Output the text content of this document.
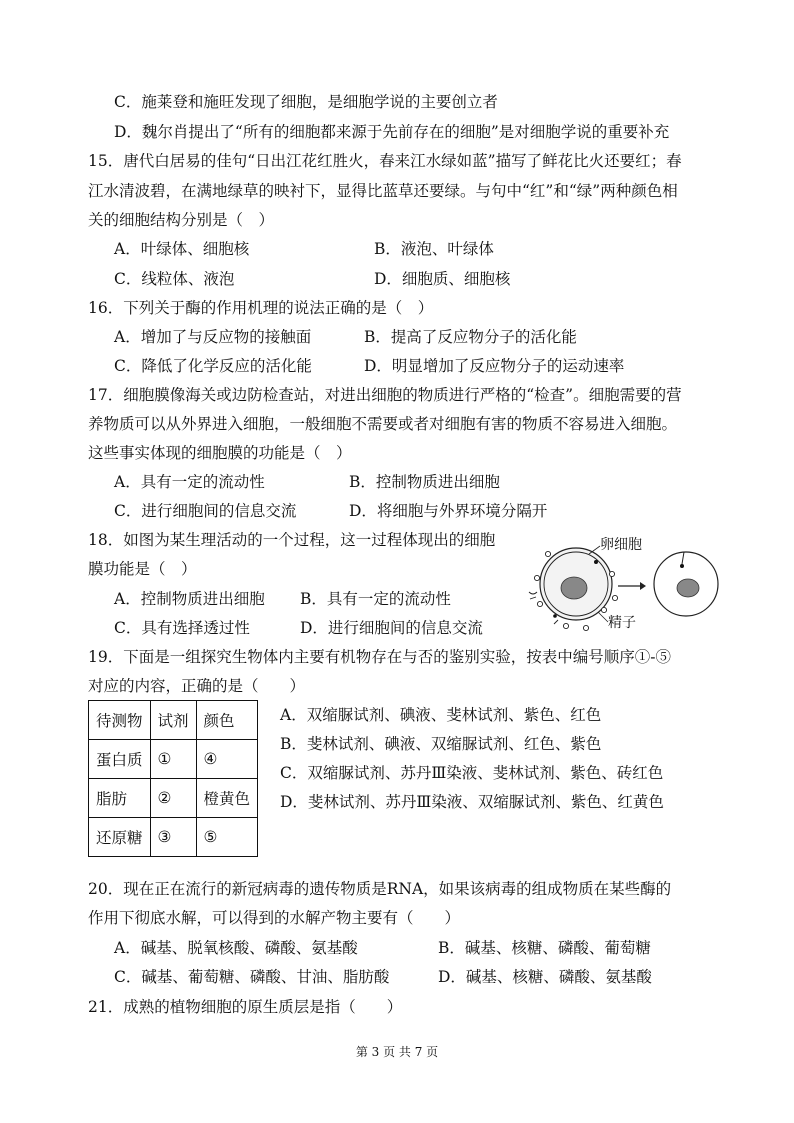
C．施莱登和施旺发现了细胞，是细胞学说的主要创立者
D．魏尔肖提出了“所有的细胞都来源于先前存在的细胞”是对细胞学说的重要补充
15．唐代白居易的佳句“日出江花红胜火，春来江水绿如蓝”描写了鲜花比火还要红；春
江水清波碧，在满地绿草的映衬下，显得比蓝草还要绿。与句中“红”和“绿”两种颜色相
关的细胞结构分别是（　）
A．叶绿体、细胞核	B．液泡、叶绿体
C．线粒体、液泡	D．细胞质、细胞核
16．下列关于酶的作用机理的说法正确的是（　）
A．增加了与反应物的接触面	B．提高了反应物分子的活化能
C．降低了化学反应的活化能	D．明显增加了反应物分子的运动速率
17．细胞膜像海关或边防检查站，对进出细胞的物质进行严格的“检查”。细胞需要的营
养物质可以从外界进入细胞，一般细胞不需要或者对细胞有害的物质不容易进入细胞。
这些事实体现的细胞膜的功能是（　）
A．具有一定的流动性	B．控制物质进出细胞
C．进行细胞间的信息交流	D．将细胞与外界环境分隔开
18．如图为某生理活动的一个过程，这一过程体现出的细胞
膜功能是（　）
A．控制物质进出细胞 B．具有一定的流动性
C．具有选择透过性	D．进行细胞间的信息交流
卵细胞
精子
19．下面是一组探究生物体内主要有机物存在与否的鉴别实验，按表中编号顺序①-⑤
对应的内容，正确的是（　　）
待测物	试剂	颜色
蛋白质	①	④
脂肪	②	橙黄色
还原糖	③	⑤
A．双缩脲试剂、碘液、斐林试剂、紫色、红色
B．斐林试剂、碘液、双缩脲试剂、红色、紫色
C．双缩脲试剂、苏丹Ⅲ染液、斐林试剂、紫色、砖红色
D．斐林试剂、苏丹Ⅲ染液、双缩脲试剂、紫色、红黄色
20．现在正在流行的新冠病毒的遗传物质是RNA，如果该病毒的组成物质在某些酶的
作用下彻底水解，可以得到的水解产物主要有（　　）
A．碱基、脱氧核酸、磷酸、氨基酸	B．碱基、核糖、磷酸、葡萄糖
C．碱基、葡萄糖、磷酸、甘油、脂肪酸	D．碱基、核糖、磷酸、氨基酸
21．成熟的植物细胞的原生质层是指（　　）
第 3 页 共 7 页
